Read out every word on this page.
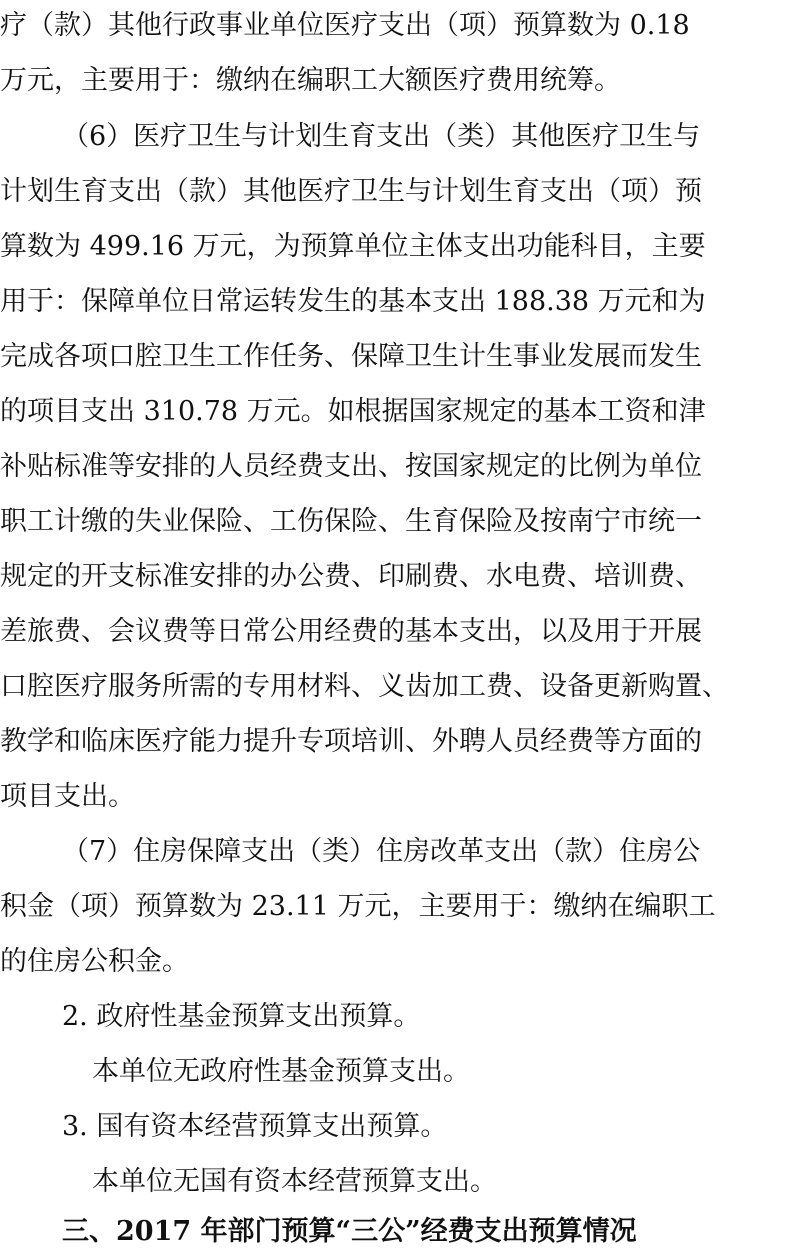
疗（款）其他行政事业单位医疗支出（项）预算数为 0.18
万元，主要用于：缴纳在编职工大额医疗费用统筹。
（6）医疗卫生与计划生育支出（类）其他医疗卫生与
计划生育支出（款）其他医疗卫生与计划生育支出（项）预
算数为 499.16 万元，为预算单位主体支出功能科目，主要
用于：保障单位日常运转发生的基本支出 188.38 万元和为
完成各项口腔卫生工作任务、保障卫生计生事业发展而发生
的项目支出 310.78 万元。如根据国家规定的基本工资和津
补贴标准等安排的人员经费支出、按国家规定的比例为单位
职工计缴的失业保险、工伤保险、生育保险及按南宁市统一
规定的开支标准安排的办公费、印刷费、水电费、培训费、
差旅费、会议费等日常公用经费的基本支出，以及用于开展
口腔医疗服务所需的专用材料、义齿加工费、设备更新购置、
教学和临床医疗能力提升专项培训、外聘人员经费等方面的
项目支出。
（7）住房保障支出（类）住房改革支出（款）住房公
积金（项）预算数为 23.11 万元，主要用于：缴纳在编职工
的住房公积金。
2. 政府性基金预算支出预算。
本单位无政府性基金预算支出。
3. 国有资本经营预算支出预算。
本单位无国有资本经营预算支出。
三、2017 年部门预算“三公”经费支出预算情况
